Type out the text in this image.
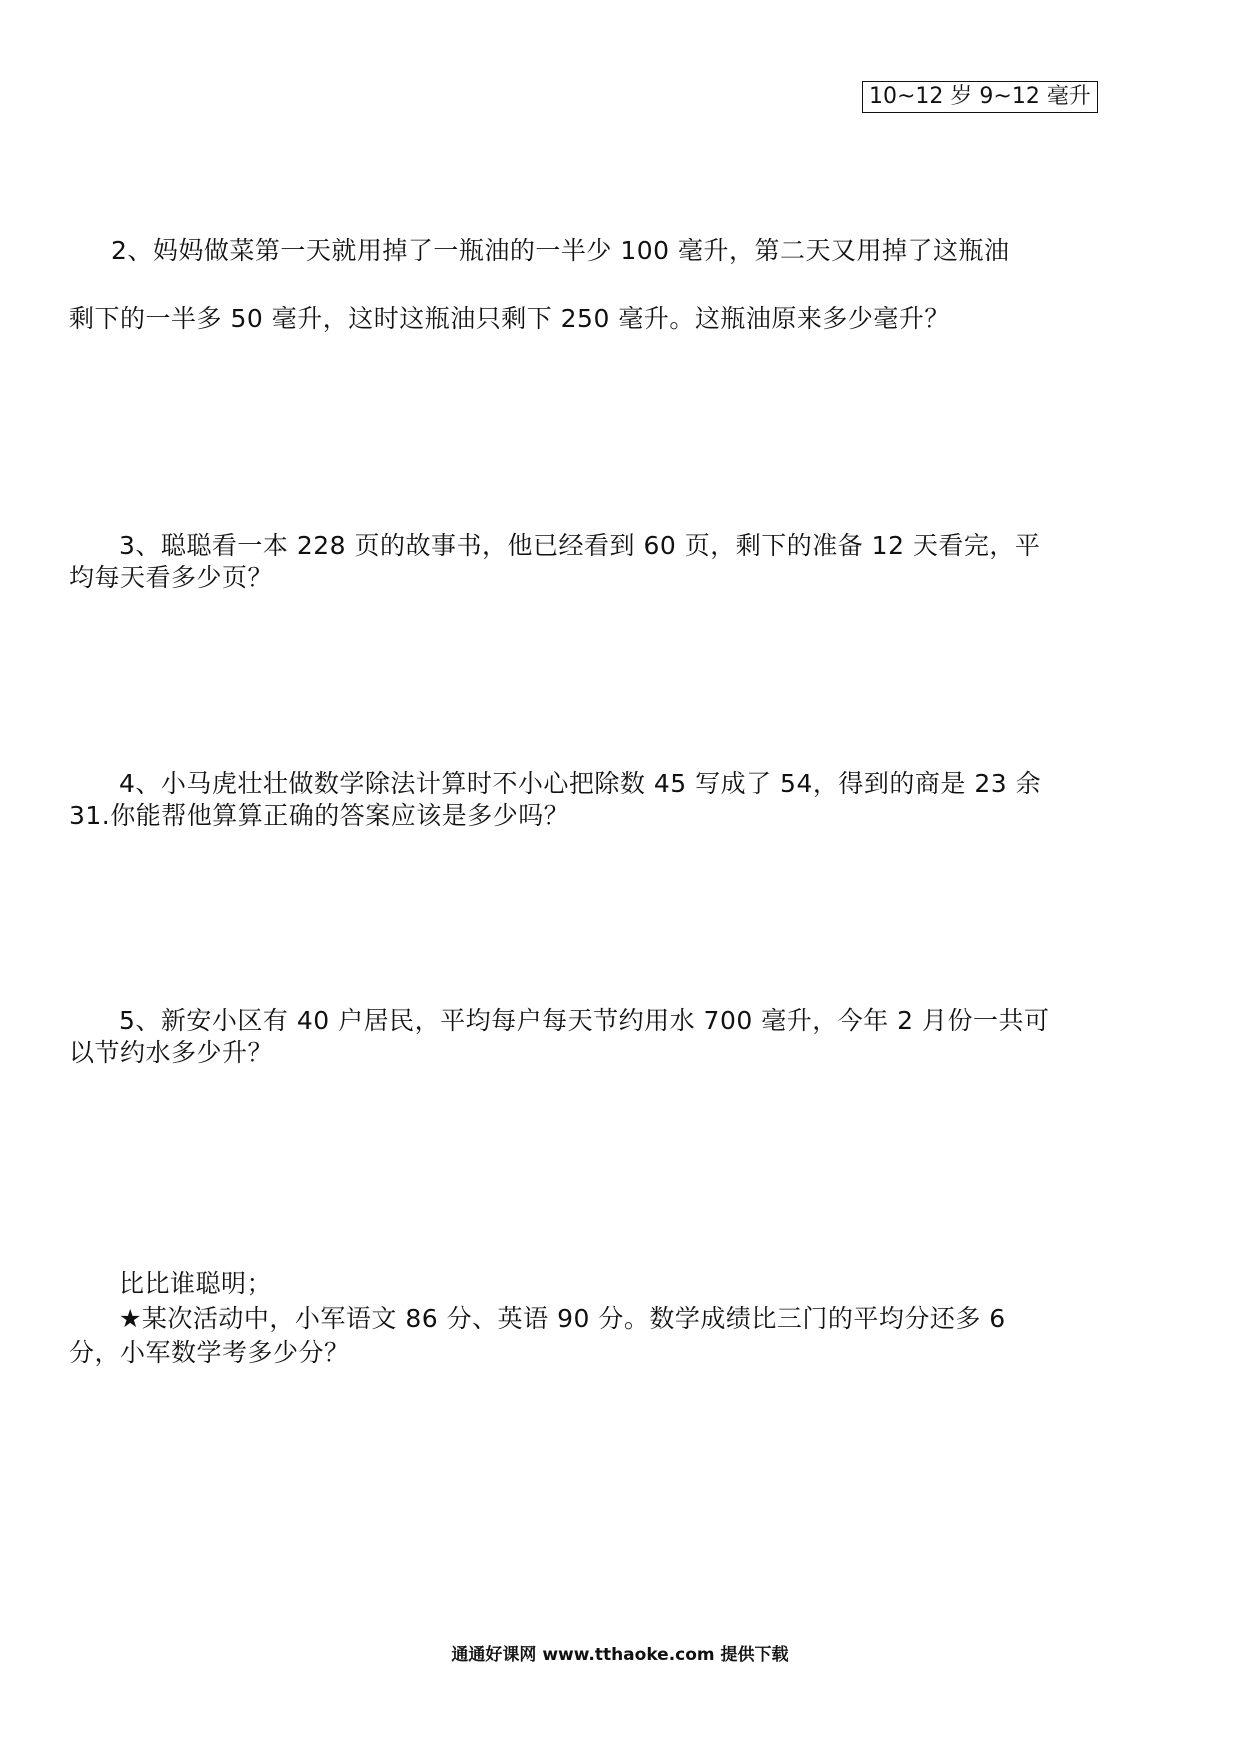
10~12 岁 9~12 毫升
2、妈妈做菜第一天就用掉了一瓶油的一半少 100 毫升，第二天又用掉了这瓶油
剩下的一半多 50 毫升，这时这瓶油只剩下 250 毫升。这瓶油原来多少毫升？
3、聪聪看一本 228 页的故事书，他已经看到 60 页，剩下的准备 12 天看完，平
均每天看多少页？
4、小马虎壮壮做数学除法计算时不小心把除数 45 写成了 54，得到的商是 23 余
31.你能帮他算算正确的答案应该是多少吗？
5、新安小区有 40 户居民，平均每户每天节约用水 700 毫升，今年 2 月份一共可
以节约水多少升？
比比谁聪明；
★某次活动中，小军语文 86 分、英语 90 分。数学成绩比三门的平均分还多 6
分，小军数学考多少分？
通通好课网 www.tthaoke.com 提供下载
